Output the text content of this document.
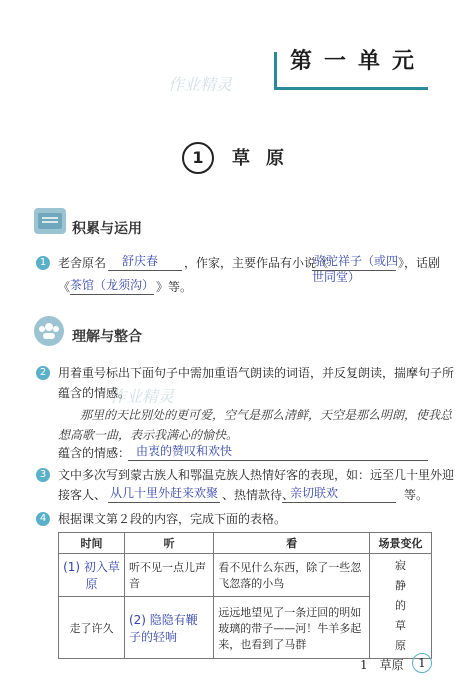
第一单元
作业精灵
作业精灵
1	草原
积累与运用
1 老舍原名 舒庆春 ，作家，主要作品有小说《
骆驼祥子（或四 》，话剧
世同堂）
《 茶馆（龙须沟） 》等。
理解与整合
2 用着重号标出下面句子中需加重语气朗读的词语，并反复朗读，揣摩句子所
蕴含的情感。
那里的天比别处的更可爱，空气是那么清鲜，天空是那么明朗，使我总
想高歌一曲，表示我满心的愉快。
蕴含的情感： 由衷的赞叹和欢快
3 文中多次写到蒙古族人和鄂温克族人热情好客的表现，如：远至几十里外迎
接客人、 从几十里外赶来欢聚 、热情款待、
亲切联欢	等。
4 根据课文第２段的内容，完成下面的表格。
时间	听	看	场景变化
(1) 初入草原	听不见一点儿声音	看不见什么东西，除了一些忽飞忽落的小鸟	寂
静
的
草
原

走了许久	(2) 隐隐有鞭子的轻响	远远地望见了一条迂回的明如玻璃的带子——河！牛羊多起来，也看到了马群	
1　草原	1
